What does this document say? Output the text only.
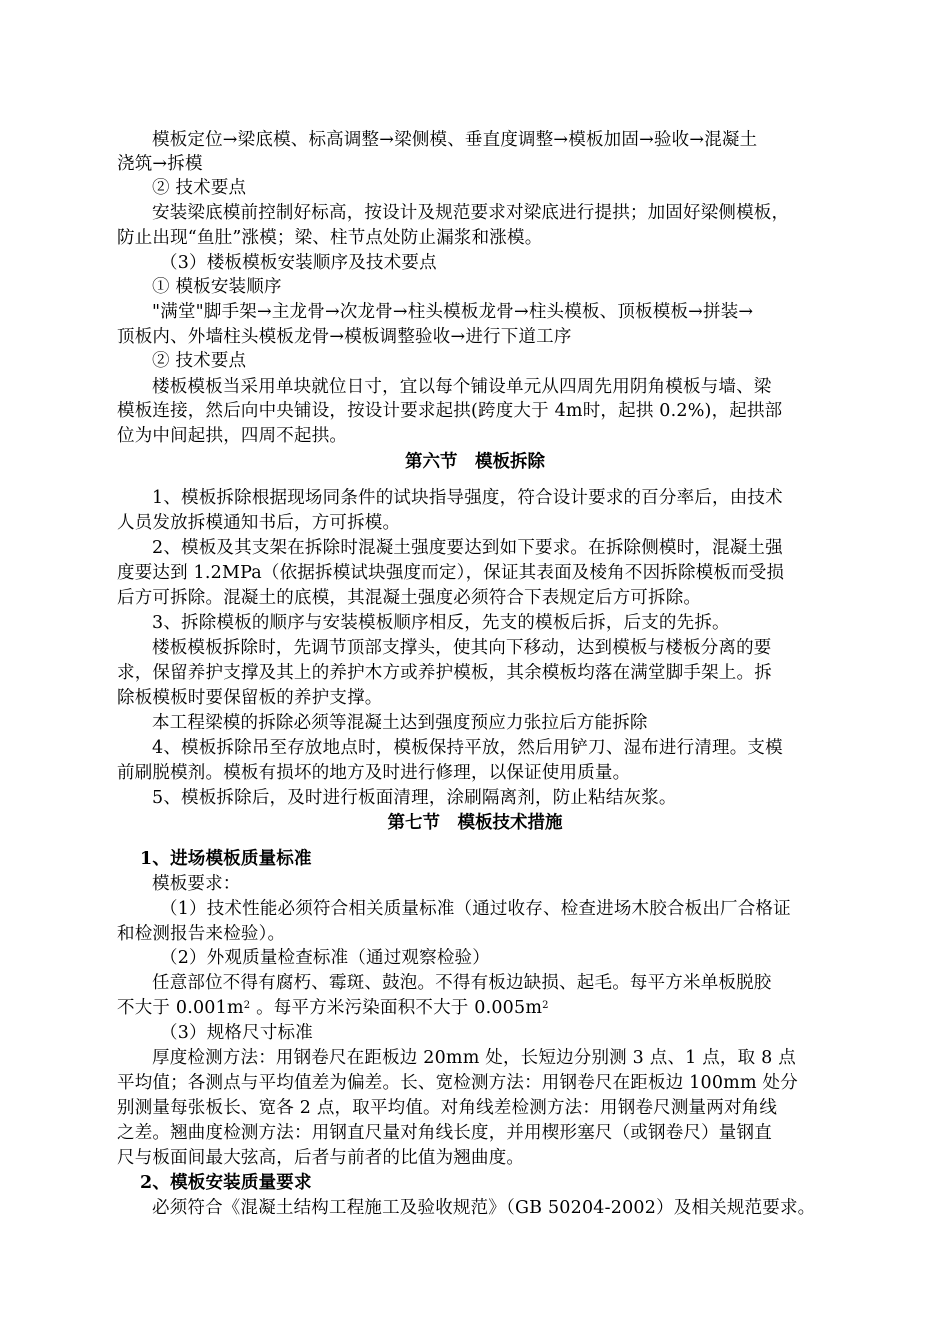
模板定位→梁底模、标高调整→梁侧模、垂直度调整→模板加固→验收→混凝土
浇筑→拆模
② 技术要点
安装梁底模前控制好标高，按设计及规范要求对梁底进行提拱；加固好梁侧模板，
防止出现“鱼肚”涨模；梁、柱节点处防止漏浆和涨模。
（3）楼板模板安装顺序及技术要点
① 模板安装顺序
"满堂"脚手架→主龙骨→次龙骨→柱头模板龙骨→柱头模板、顶板模板→拼装→
顶板内、外墙柱头模板龙骨→模板调整验收→进行下道工序
② 技术要点
楼板模板当采用单块就位日寸，宜以每个铺设单元从四周先用阴角模板与墙、梁
模板连接，然后向中央铺设，按设计要求起拱(跨度大于 4m时，起拱 0.2%)，起拱部
位为中间起拱，四周不起拱。
第六节　模板拆除
1、模板拆除根据现场同条件的试块指导强度，符合设计要求的百分率后，由技术
人员发放拆模通知书后，方可拆模。
2、模板及其支架在拆除时混凝土强度要达到如下要求。在拆除侧模时，混凝土强
度要达到 1.2MPa（依据拆模试块强度而定），保证其表面及棱角不因拆除模板而受损
后方可拆除。混凝土的底模，其混凝土强度必须符合下表规定后方可拆除。
3、拆除模板的顺序与安装模板顺序相反，先支的模板后拆，后支的先拆。
楼板模板拆除时，先调节顶部支撑头，使其向下移动，达到模板与楼板分离的要
求，保留养护支撑及其上的养护木方或养护模板，其余模板均落在满堂脚手架上。拆
除板模板时要保留板的养护支撑。
本工程梁模的拆除必须等混凝土达到强度预应力张拉后方能拆除
4、模板拆除吊至存放地点时，模板保持平放，然后用铲刀、湿布进行清理。支模
前刷脱模剂。模板有损坏的地方及时进行修理，以保证使用质量。
5、模板拆除后，及时进行板面清理，涂刷隔离剂，防止粘结灰浆。
第七节　模板技术措施
1、进场模板质量标准
模板要求：
（1）技术性能必须符合相关质量标准（通过收存、检查进场木胶合板出厂合格证
和检测报告来检验）。
（2）外观质量检查标准（通过观察检验）
任意部位不得有腐朽、霉斑、鼓泡。不得有板边缺损、起毛。每平方米单板脱胶
不大于 $0.001m^2$ 。每平方米污染面积不大于 $0.005m^2$
（3）规格尺寸标准
厚度检测方法：用钢卷尺在距板边 20mm 处，长短边分别测 3 点、1 点，取 8 点
平均值；各测点与平均值差为偏差。长、宽检测方法：用钢卷尺在距板边 100mm 处分
别测量每张板长、宽各 2 点，取平均值。对角线差检测方法：用钢卷尺测量两对角线
之差。翘曲度检测方法：用钢直尺量对角线长度，并用楔形塞尺（或钢卷尺）量钢直
尺与板面间最大弦高，后者与前者的比值为翘曲度。
2、模板安装质量要求
必须符合《混凝土结构工程施工及验收规范》（GB 50204-2002）及相关规范要求。
